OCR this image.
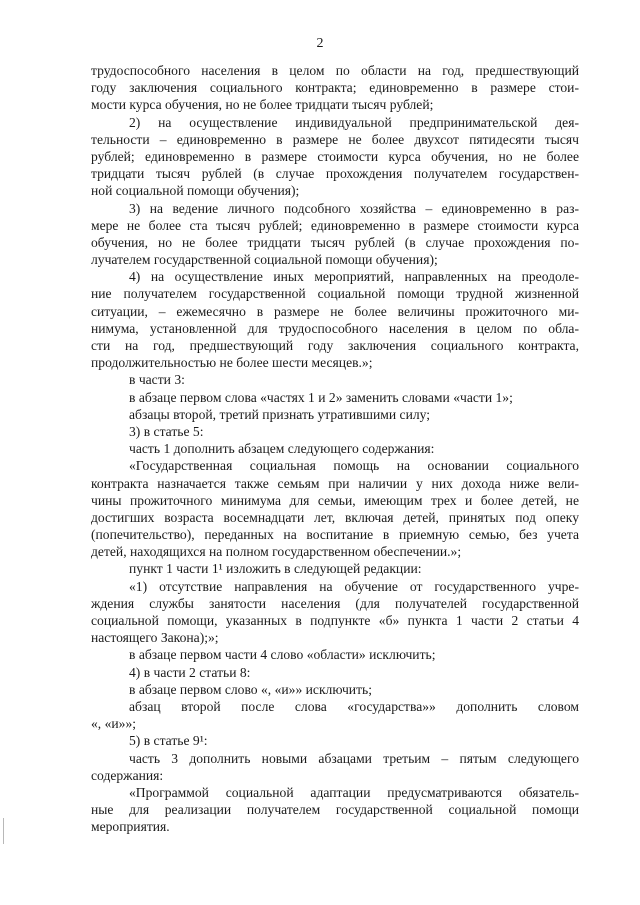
2
трудоспособного населения в целом по области на год, предшествующий
году заключения социального контракта; единовременно в размере стои-
мости курса обучения, но не более тридцати тысяч рублей;
2) на осуществление индивидуальной предпринимательской дея-
тельности – единовременно в размере не более двухсот пятидесяти тысяч
рублей; единовременно в размере стоимости курса обучения, но не более
тридцати тысяч рублей (в случае прохождения получателем государствен-
ной социальной помощи обучения);
3) на ведение личного подсобного хозяйства – единовременно в раз-
мере не более ста тысяч рублей; единовременно в размере стоимости курса
обучения, но не более тридцати тысяч рублей (в случае прохождения по-
лучателем государственной социальной помощи обучения);
4) на осуществление иных мероприятий, направленных на преодоле-
ние получателем государственной социальной помощи трудной жизненной
ситуации, – ежемесячно в размере не более величины прожиточного ми-
нимума, установленной для трудоспособного населения в целом по обла-
сти на год, предшествующий году заключения социального контракта,
продолжительностью не более шести месяцев.»;
в части 3:
в абзаце первом слова «частях 1 и 2» заменить словами «части 1»;
абзацы второй, третий признать утратившими силу;
3) в статье 5:
часть 1 дополнить абзацем следующего содержания:
«Государственная социальная помощь на основании социального
контракта назначается также семьям при наличии у них дохода ниже вели-
чины прожиточного минимума для семьи, имеющим трех и более детей, не
достигших возраста восемнадцати лет, включая детей, принятых под опеку
(попечительство), переданных на воспитание в приемную семью, без учета
детей, находящихся на полном государственном обеспечении.»;
пункт 1 части 1¹ изложить в следующей редакции:
«1) отсутствие направления на обучение от государственного учре-
ждения службы занятости населения (для получателей государственной
социальной помощи, указанных в подпункте «б» пункта 1 части 2 статьи 4
настоящего Закона);»;
в абзаце первом части 4 слово «области» исключить;
4) в части 2 статьи 8:
в абзаце первом слово «, «и»» исключить;
абзац второй после слова «государства»» дополнить словом
«, «и»»;
5) в статье 9¹:
часть 3 дополнить новыми абзацами третьим – пятым следующего
содержания:
«Программой социальной адаптации предусматриваются обязатель-
ные для реализации получателем государственной социальной помощи
мероприятия.
